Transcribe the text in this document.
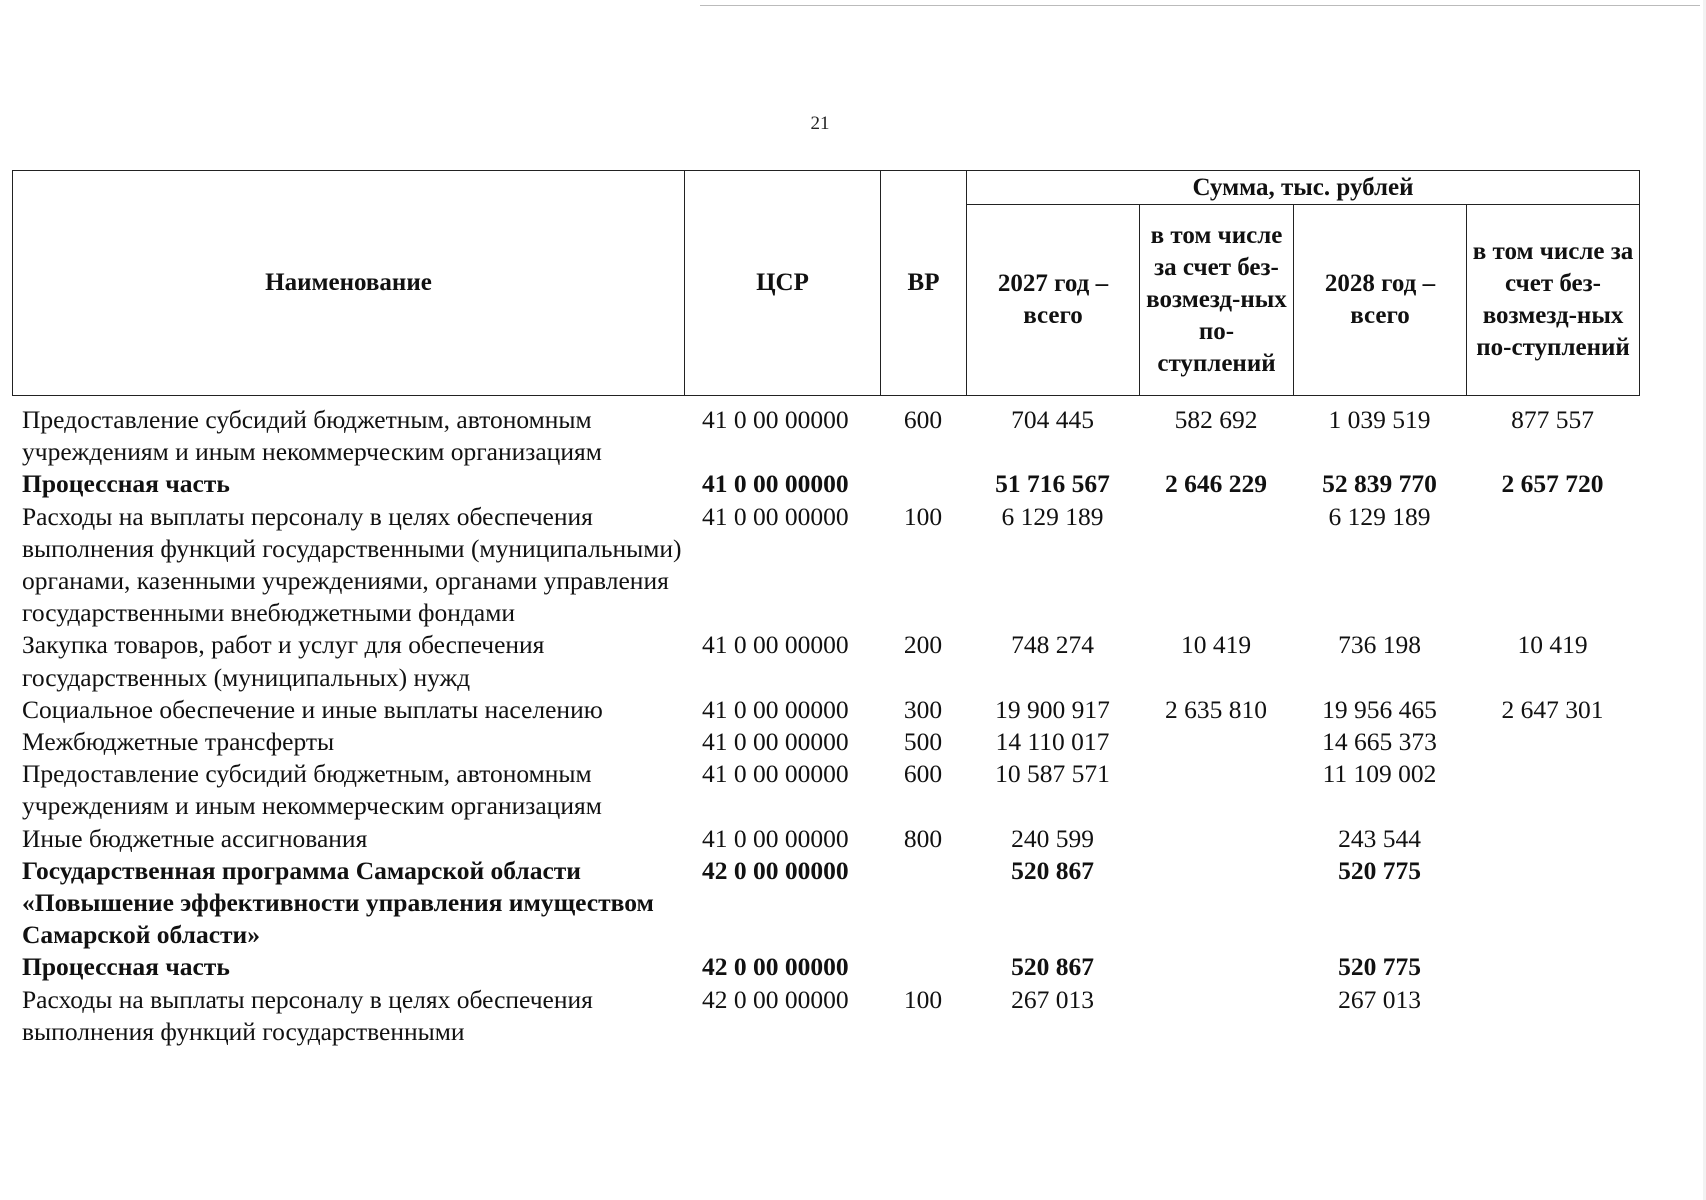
21
Наименование	ЦСР	ВР	Сумма, тыс. рублей			
			2027 год – всего	в том числе за счет без-возмезд-ных по-ступлений	2028 год – всего	в том числе за счет без-возмезд-ных по-ступлений
Предоставление субсидий бюджетным, автономным учреждениям и иным некоммерческим организациям	41 0 00 00000	600	704 445	582 692	1 039 519	877 557
Процессная часть	41 0 00 00000		51 716 567	2 646 229	52 839 770	2 657 720
Расходы на выплаты персоналу в целях обеспечения выполнения функций государственными (муниципальными) органами, казенными учреждениями, органами управления государственными внебюджетными фондами	41 0 00 00000	100	6 129 189		6 129 189	
Закупка товаров, работ и услуг для обеспечения государственных (муниципальных) нужд	41 0 00 00000	200	748 274	10 419	736 198	10 419
Социальное обеспечение и иные выплаты населению	41 0 00 00000	300	19 900 917	2 635 810	19 956 465	2 647 301
Межбюджетные трансферты	41 0 00 00000	500	14 110 017		14 665 373	
Предоставление субсидий бюджетным, автономным учреждениям и иным некоммерческим организациям	41 0 00 00000	600	10 587 571		11 109 002	
Иные бюджетные ассигнования	41 0 00 00000	800	240 599		243 544	
Государственная программа Самарской области «Повышение эффективности управления имуществом Самарской области»	42 0 00 00000		520 867		520 775	
Процессная часть	42 0 00 00000		520 867		520 775	
Расходы на выплаты персоналу в целях обеспечения выполнения функций государственными	42 0 00 00000	100	267 013		267 013	
